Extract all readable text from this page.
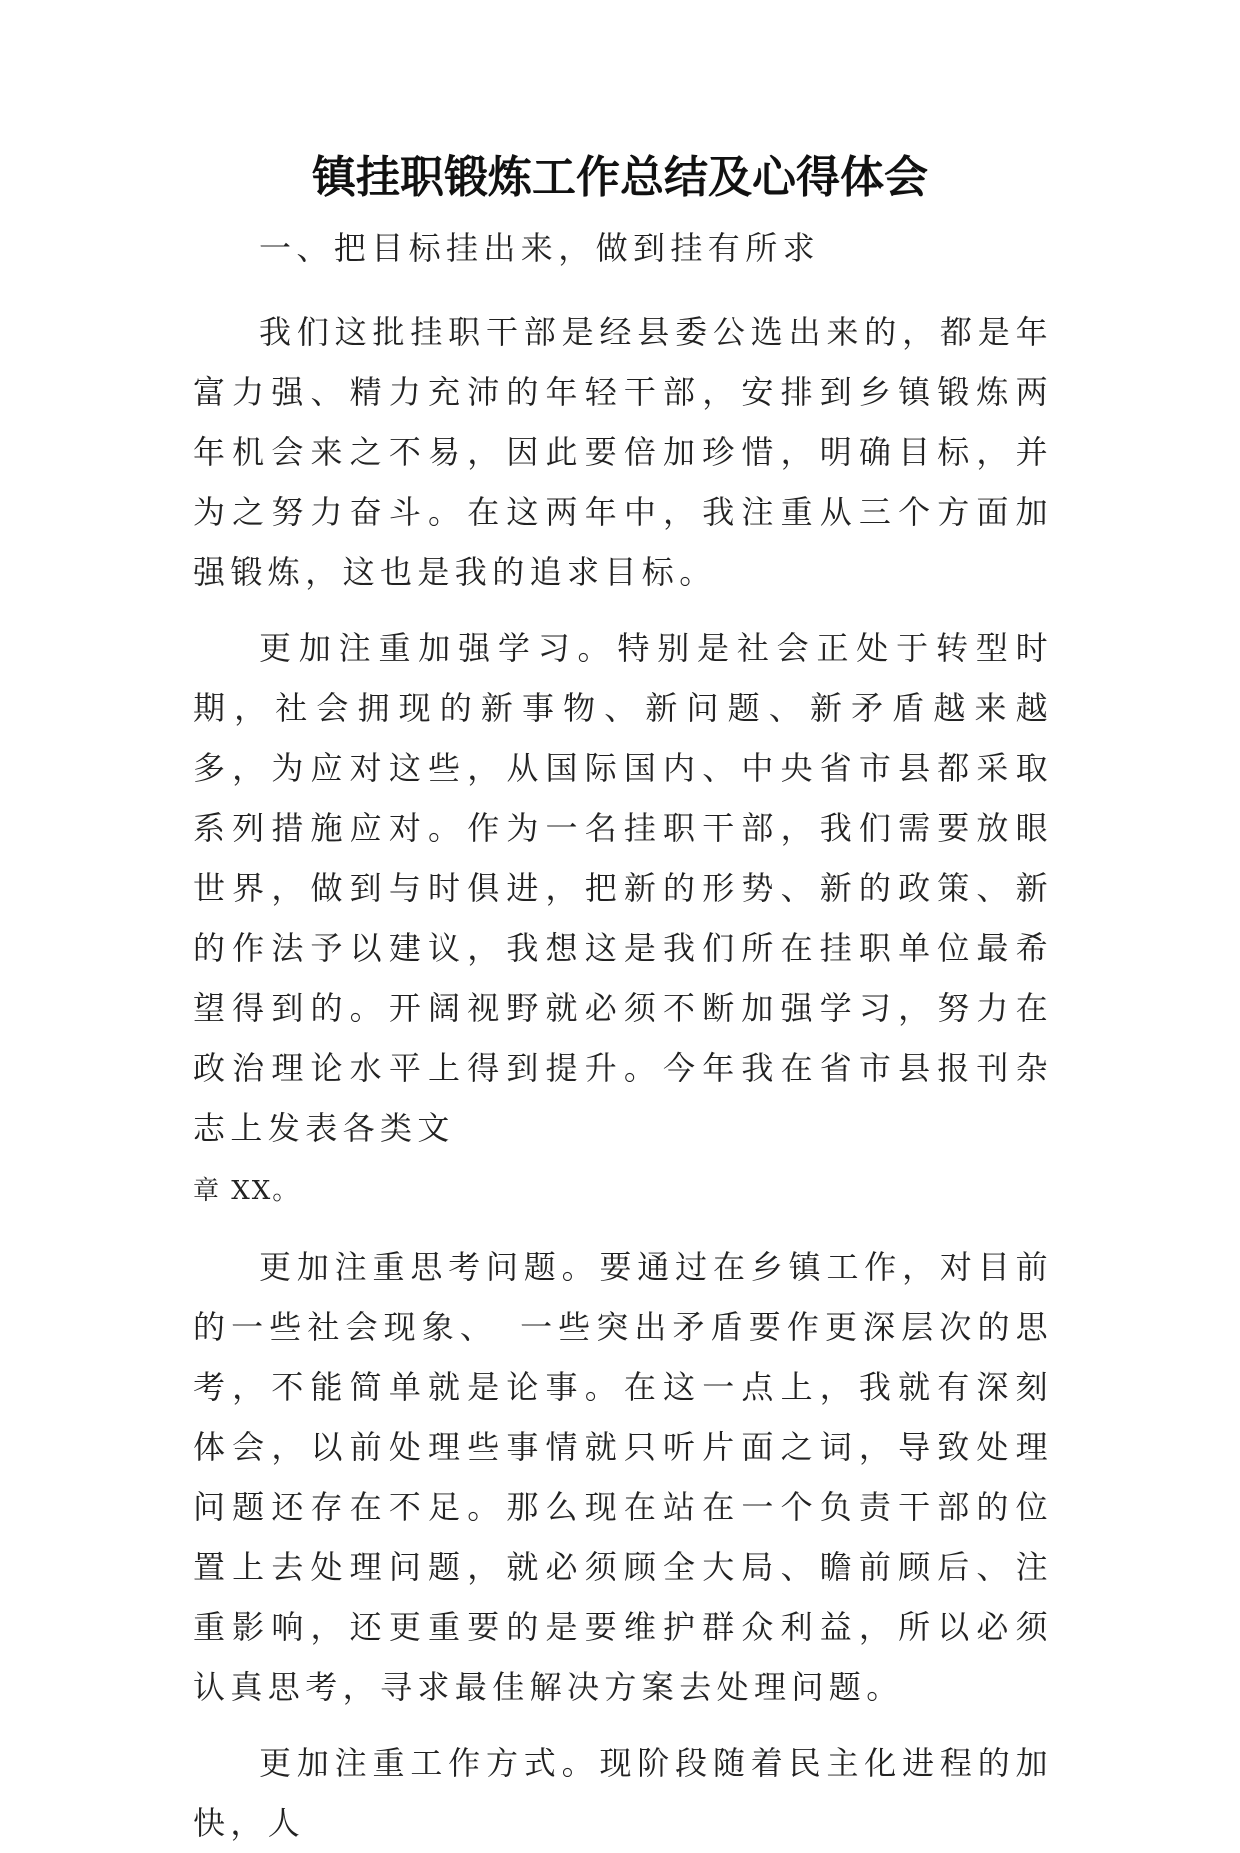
镇挂职锻炼工作总结及心得体会

一、把目标挂出来，做到挂有所求

我们这批挂职干部是经县委公选出来的，都是年富力强、精力充沛的年轻干部，安排到乡镇锻炼两年机会来之不易，因此要倍加珍惜，明确目标，并为之努力奋斗。在这两年中，我注重从三个方面加强锻炼，这也是我的追求目标。

更加注重加强学习。特别是社会正处于转型时期，社会拥现的新事物、新问题、新矛盾越来越多，为应对这些，从国际国内、中央省市县都采取系列措施应对。作为一名挂职干部，我们需要放眼世界，做到与时俱进，把新的形势、新的政策、新的作法予以建议，我想这是我们所在挂职单位最希望得到的。开阔视野就必须不断加强学习，努力在政治理论水平上得到提升。今年我在省市县报刊杂志上发表各类文

章 XX。

更加注重思考问题。要通过在乡镇工作，对目前的一些社会现象、　一些突出矛盾要作更深层次的思考，不能简单就是论事。在这一点上，我就有深刻体会，以前处理些事情就只听片面之词，导致处理问题还存在不足。那么现在站在一个负责干部的位置上去处理问题，就必须顾全大局、瞻前顾后、注重影响，还更重要的是要维护群众利益，所以必须认真思考，寻求最佳解决方案去处理问题。

更加注重工作方式。现阶段随着民主化进程的加快，人
